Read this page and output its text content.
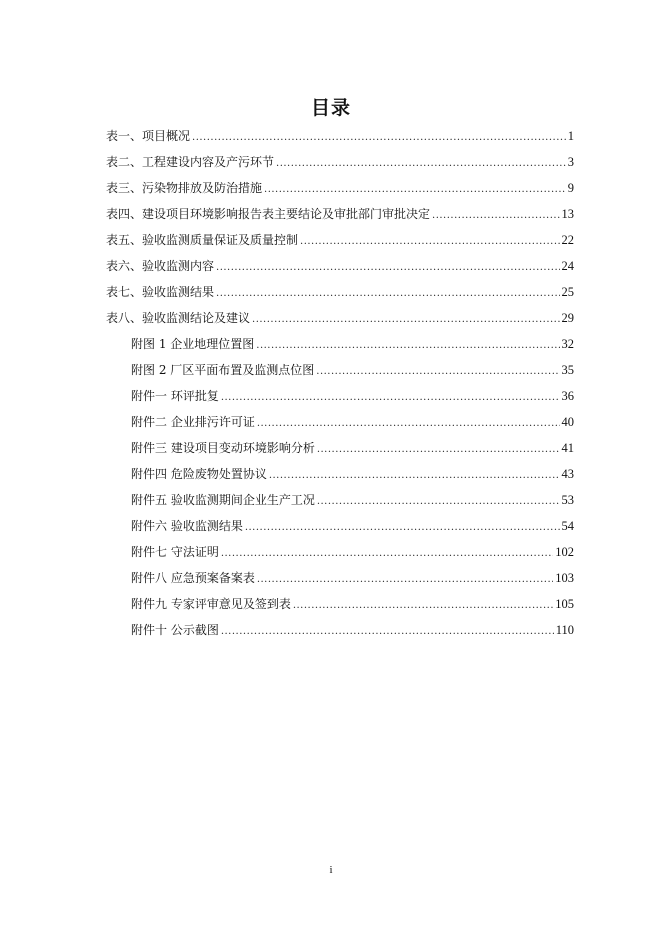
目录
表一、项目概况 .....	1
表二、工程建设内容及产污环节 .....	3
表三、污染物排放及防治措施 .....	9
表四、建设项目环境影响报告表主要结论及审批部门审批决定 .....	13
表五、验收监测质量保证及质量控制 .....	22
表六、验收监测内容 .....	24
表七、验收监测结果 .....	25
表八、验收监测结论及建议 .....	29
附图 1 企业地理位置图 .....	32
附图 2 厂区平面布置及监测点位图 .....	35
附件一 环评批复 .....	36
附件二 企业排污许可证 .....	40
附件三 建设项目变动环境影响分析 .....	41
附件四 危险废物处置协议 .....	43
附件五 验收监测期间企业生产工况 .....	53
附件六 验收监测结果 .....	54
附件七 守法证明 .....	102
附件八 应急预案备案表 .....	103
附件九 专家评审意见及签到表 .....	105
附件十 公示截图 .....	110
i
